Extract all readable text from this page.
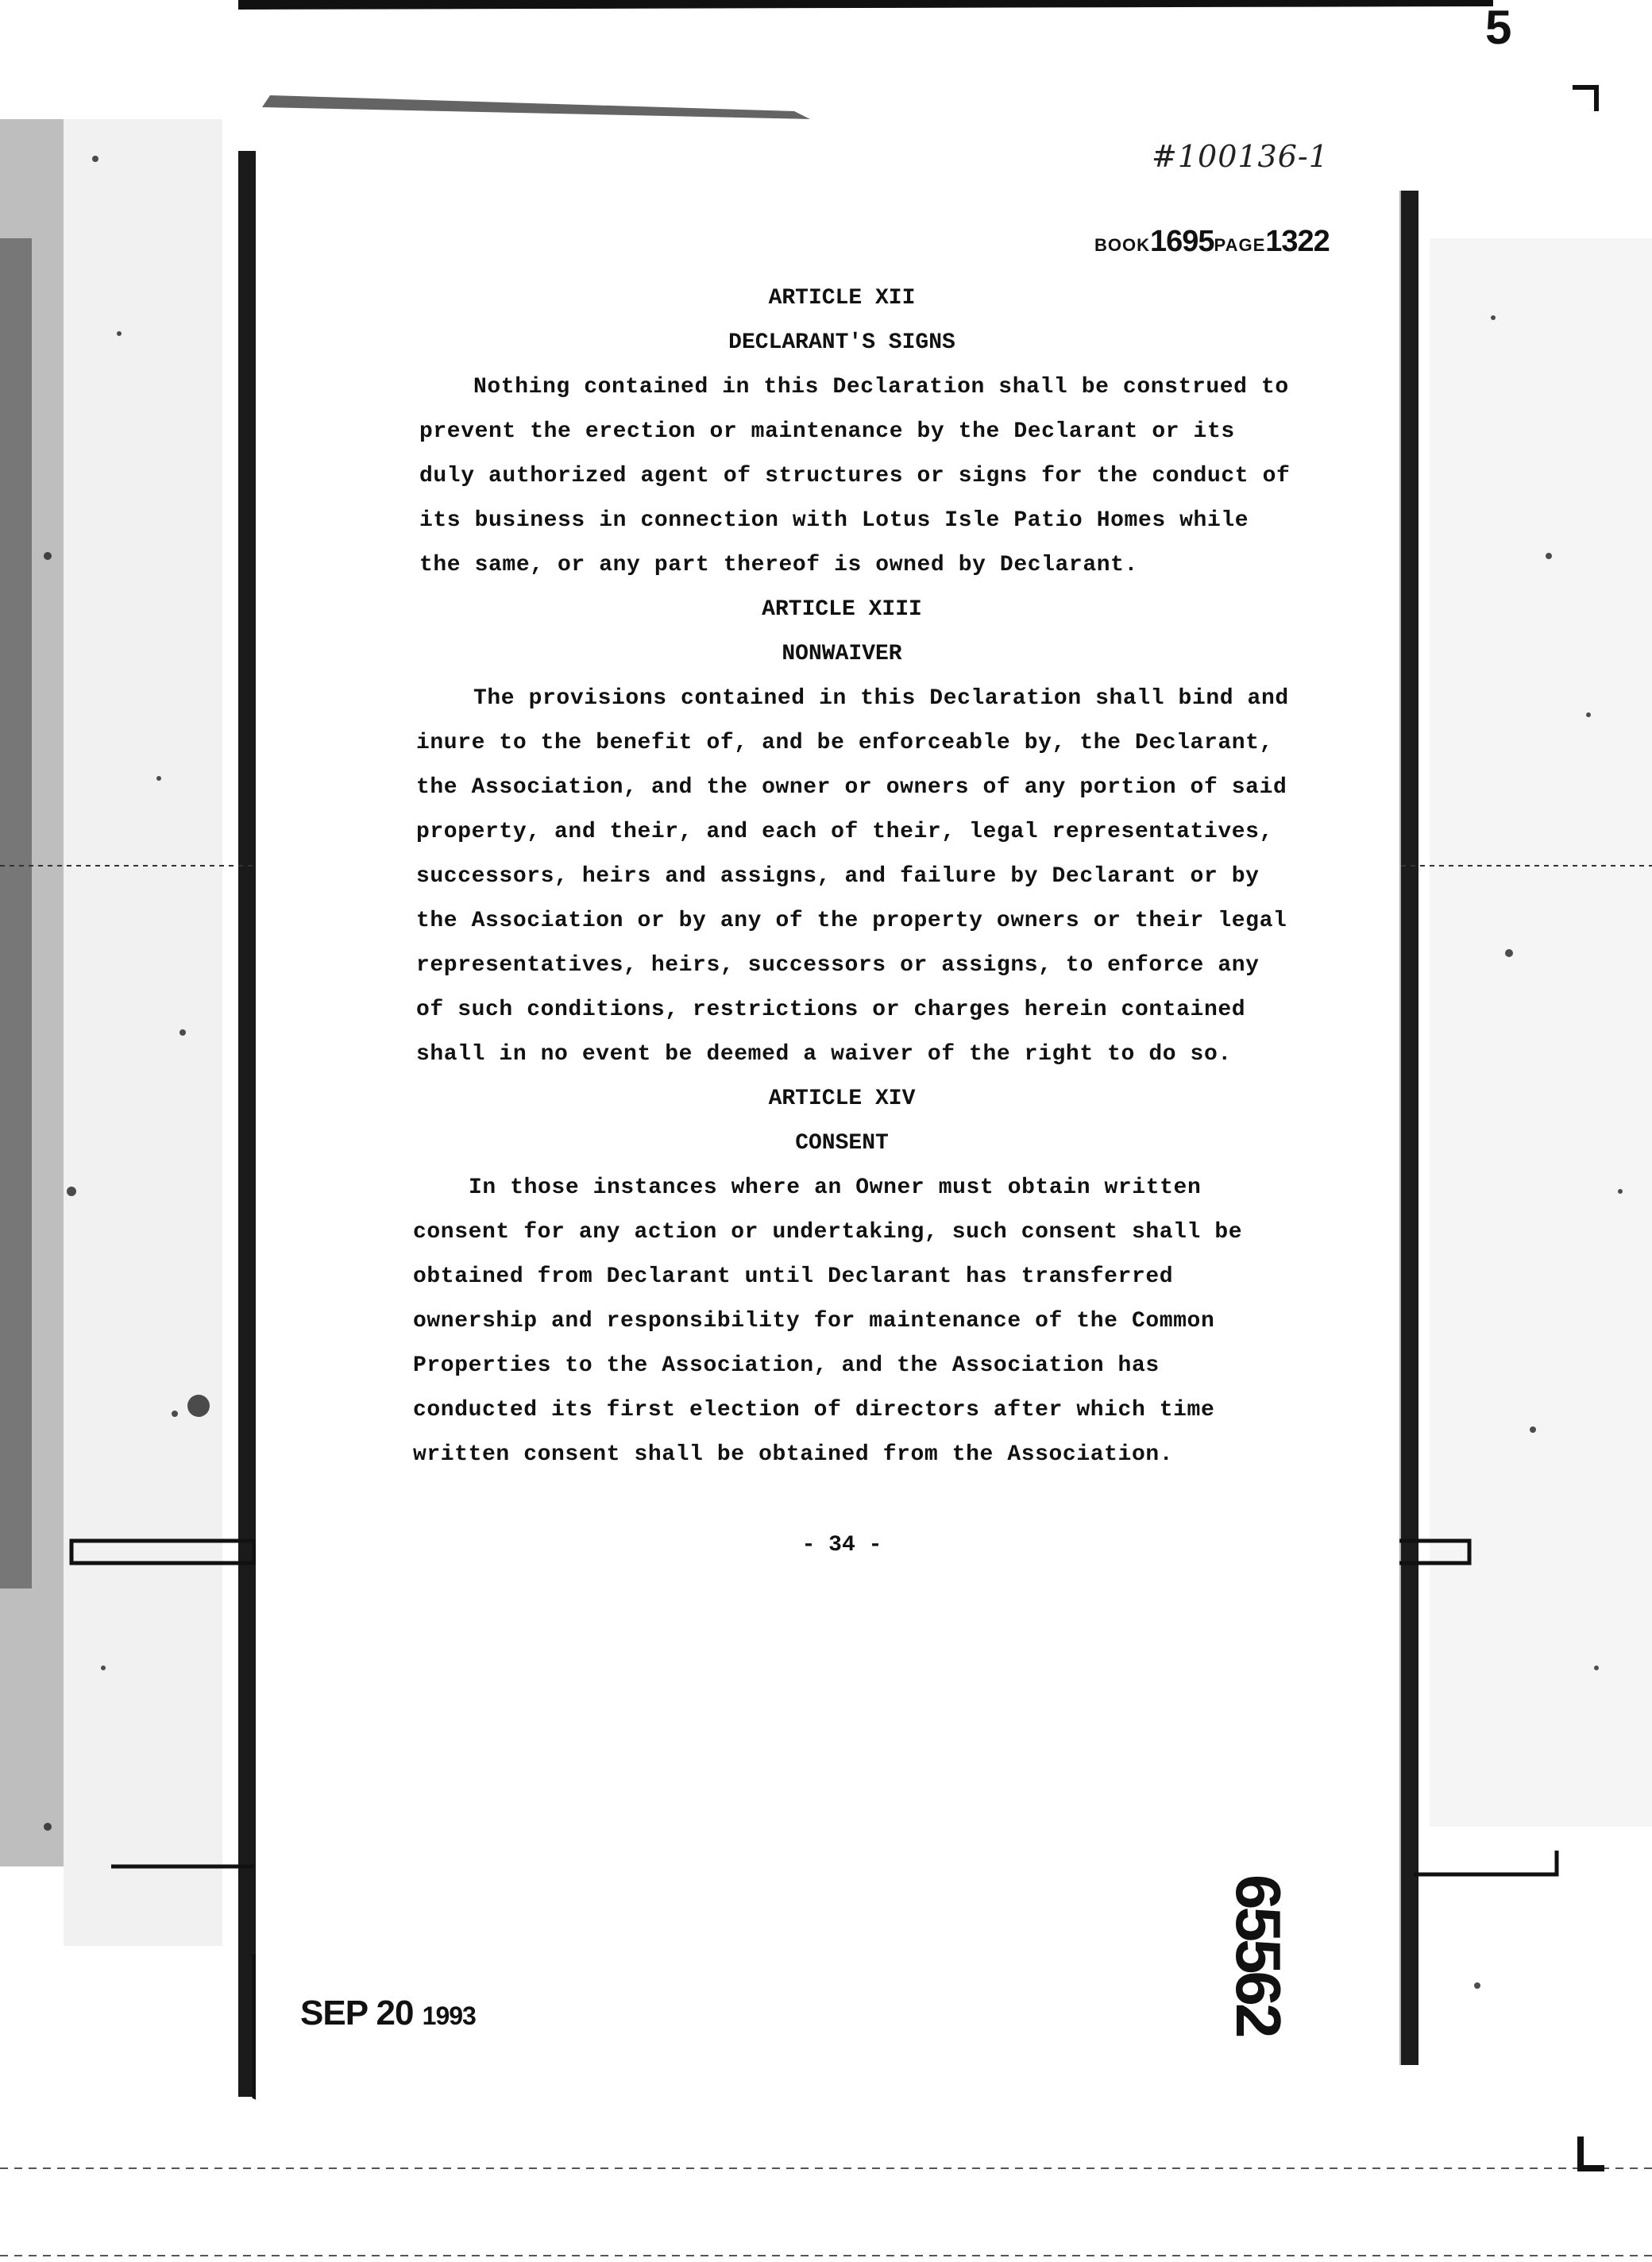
5
#100136-1
BOOK1695PAGE1322
ARTICLE XII
DECLARANT'S SIGNS
Nothing contained in this Declaration shall be construed to
prevent the erection or maintenance by the Declarant or its
duly authorized agent of structures or signs for the conduct of
its business in connection with Lotus Isle Patio Homes while
the same, or any part thereof is owned by Declarant.
ARTICLE XIII
NONWAIVER
The provisions contained in this Declaration shall bind and
inure to the benefit of, and be enforceable by, the Declarant,
the Association, and the owner or owners of any portion of said
property, and their, and each of their, legal representatives,
successors, heirs and assigns, and failure by Declarant or by
the Association or by any of the property owners or their legal
representatives, heirs, successors or assigns, to enforce any
of such conditions, restrictions or charges herein contained
shall in no event be deemed a waiver of the right to do so.
ARTICLE XIV
CONSENT
In those instances where an Owner must obtain written
consent for any action or undertaking, such consent shall be
obtained from Declarant until Declarant has transferred
ownership and responsibility for maintenance of the Common
Properties to the Association, and the Association has
conducted its first election of directors after which time
written consent shall be obtained from the Association.
- 34 -
SEP 20 1993	65562
